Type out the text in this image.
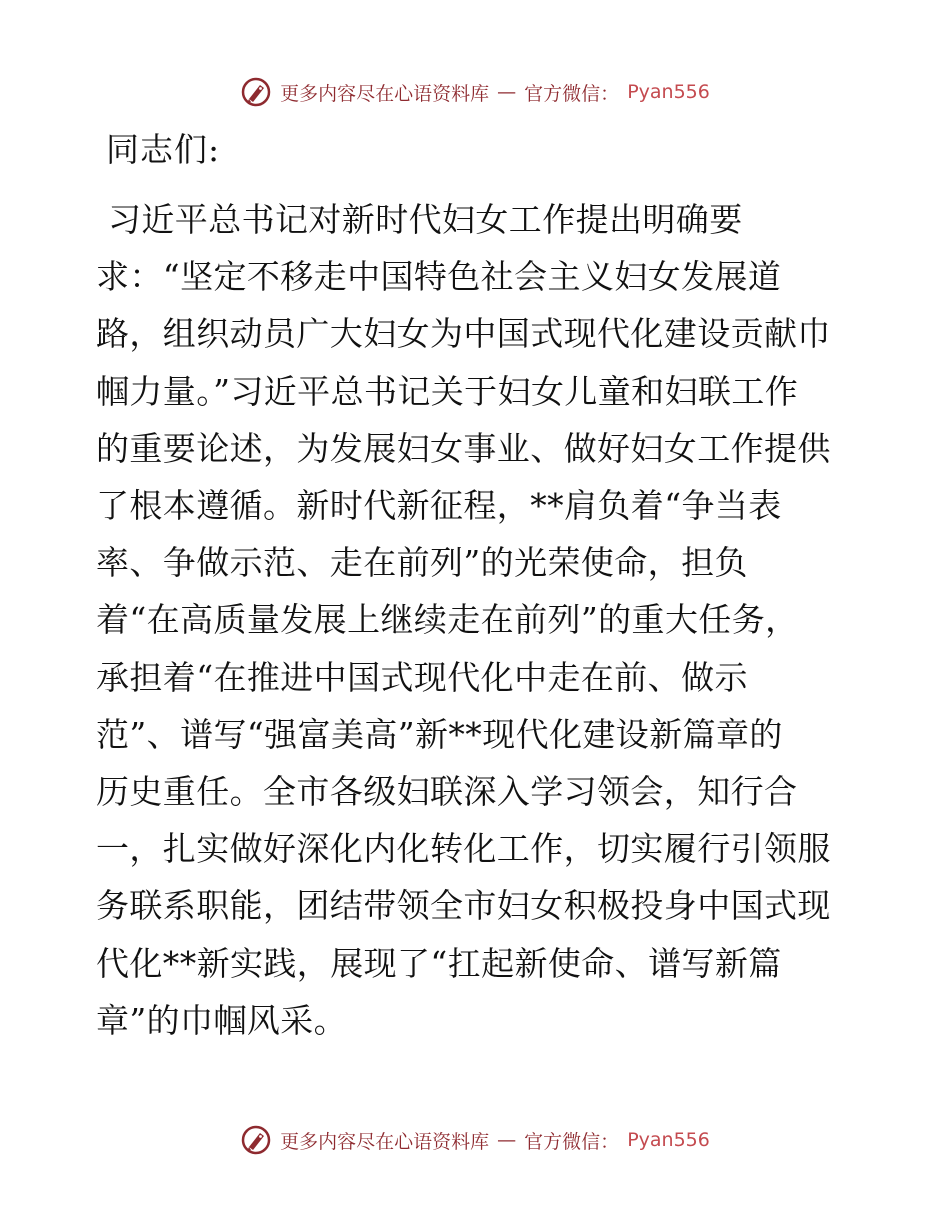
更多内容尽在心语资料库 — 官方微信： Pyan556

同志们:

习近平总书记对新时代妇女工作提出明确要
求：“坚定不移走中国特色社会主义妇女发展道
路，组织动员广大妇女为中国式现代化建设贡献巾
帼力量。”习近平总书记关于妇女儿童和妇联工作
的重要论述，为发展妇女事业、做好妇女工作提供
了根本遵循。新时代新征程，**肩负着“争当表
率、争做示范、走在前列”的光荣使命，担负
着“在高质量发展上继续走在前列”的重大任务，
承担着“在推进中国式现代化中走在前、做示
范”、谱写“强富美高”新**现代化建设新篇章的
历史重任。全市各级妇联深入学习领会，知行合
一，扎实做好深化内化转化工作，切实履行引领服
务联系职能，团结带领全市妇女积极投身中国式现
代化**新实践，展现了“扛起新使命、谱写新篇
章”的巾帼风采。
更多内容尽在心语资料库 — 官方微信： Pyan556
